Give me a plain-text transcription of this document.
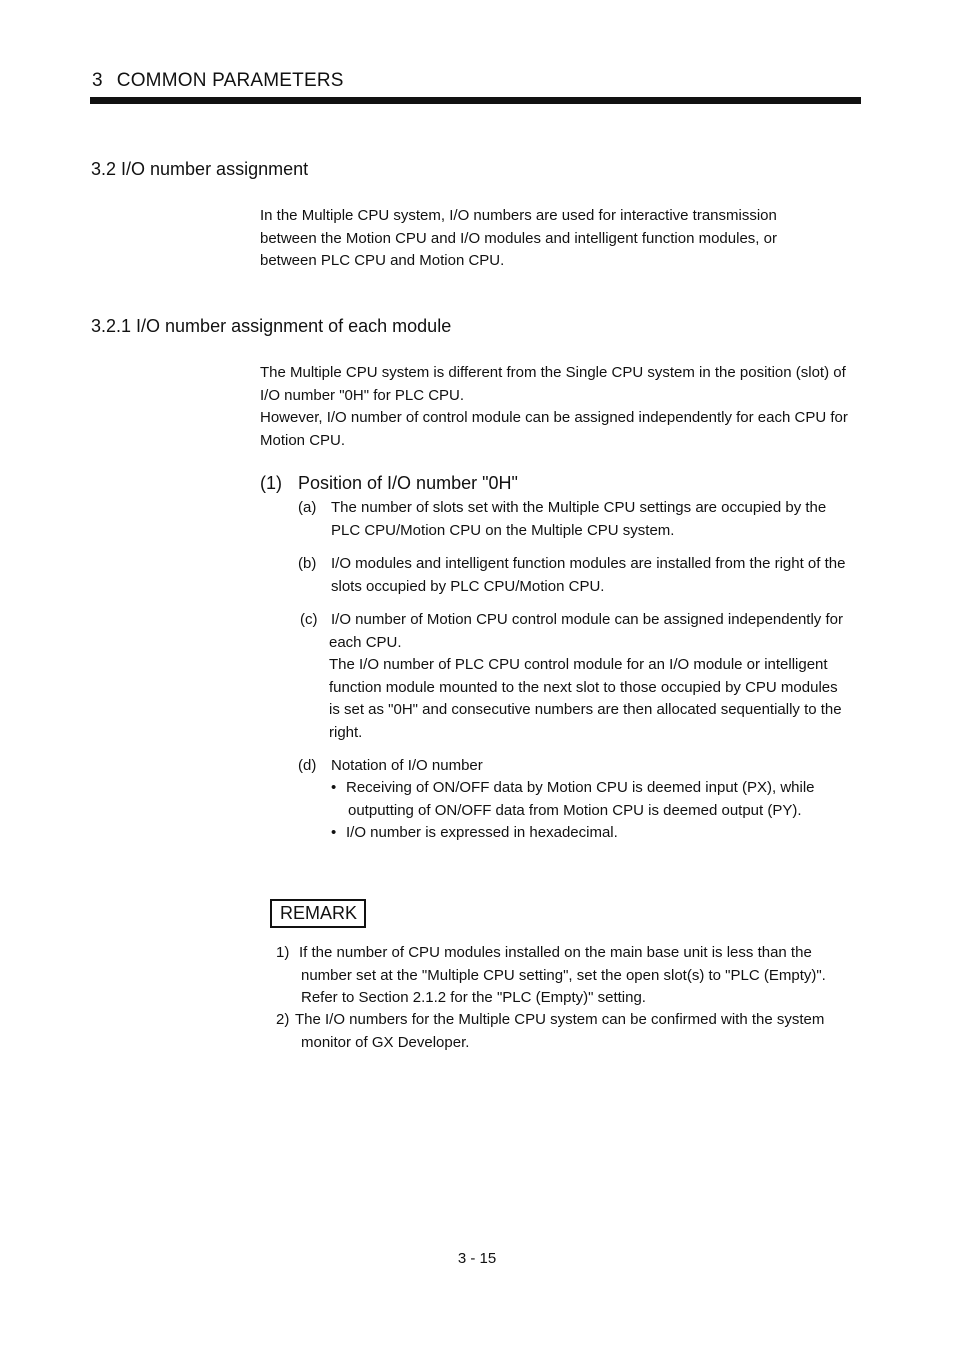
3 COMMON PARAMETERS
3.2 I/O number assignment
In the Multiple CPU system, I/O numbers are used for interactive transmission
between the Motion CPU and I/O modules and intelligent function modules, or
between PLC CPU and Motion CPU.
3.2.1 I/O number assignment of each module
The Multiple CPU system is different from the Single CPU system in the position (slot) of
I/O number "0H" for PLC CPU.
However, I/O number of control module can be assigned independently for each CPU for
Motion CPU.
(1) Position of I/O number "0H"
(a) The number of slots set with the Multiple CPU settings are occupied by the
PLC CPU/Motion CPU on the Multiple CPU system.
(b) I/O modules and intelligent function modules are installed from the right of the
slots occupied by PLC CPU/Motion CPU.
(c) I/O number of Motion CPU control module can be assigned independently for
each CPU.
The I/O number of PLC CPU control module for an I/O module or intelligent
function module mounted to the next slot to those occupied by CPU modules
is set as "0H" and consecutive numbers are then allocated sequentially to the
right.
(d) Notation of I/O number
• Receiving of ON/OFF data by Motion CPU is deemed input (PX), while
outputting of ON/OFF data from Motion CPU is deemed output (PY).
• I/O number is expressed in hexadecimal.
REMARK
1) If the number of CPU modules installed on the main base unit is less than the
number set at the "Multiple CPU setting", set the open slot(s) to "PLC (Empty)".
Refer to Section 2.1.2 for the "PLC (Empty)" setting.
2) The I/O numbers for the Multiple CPU system can be confirmed with the system
monitor of GX Developer.
3 - 15
